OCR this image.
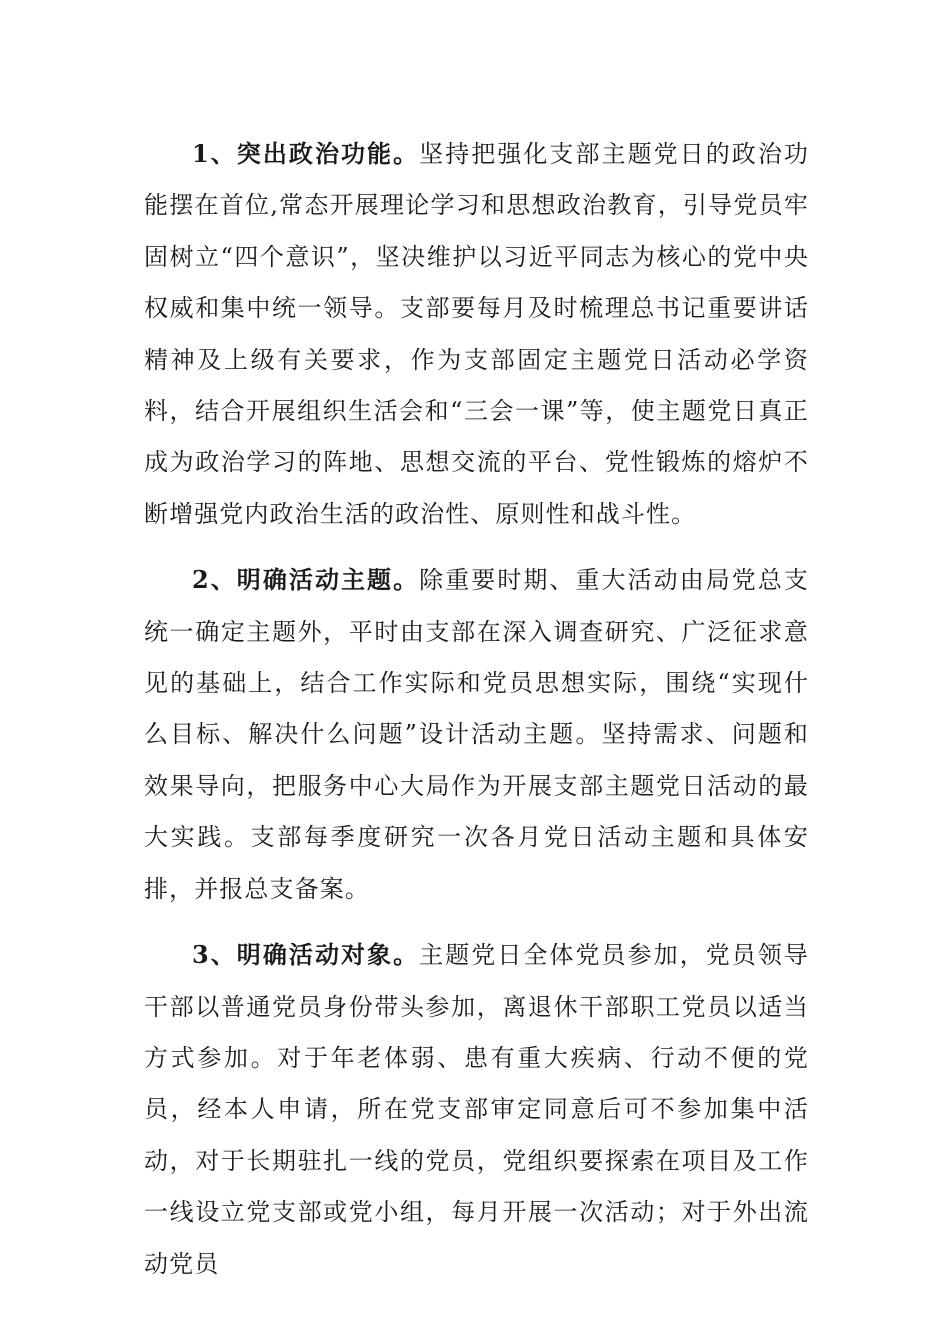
1、突出政治功能。坚持把强化支部主题党日的政治功能摆在首位,常态开展理论学习和思想政治教育，引导党员牢固树立“四个意识”，坚决维护以习近平同志为核心的党中央权威和集中统一领导。支部要每月及时梳理总书记重要讲话精神及上级有关要求，作为支部固定主题党日活动必学资料，结合开展组织生活会和“三会一课”等，使主题党日真正成为政治学习的阵地、思想交流的平台、党性锻炼的熔炉不断增强党内政治生活的政治性、原则性和战斗性。

2、明确活动主题。除重要时期、重大活动由局党总支统一确定主题外，平时由支部在深入调查研究、广泛征求意见的基础上，结合工作实际和党员思想实际，围绕“实现什么目标、解决什么问题”设计活动主题。坚持需求、问题和效果导向，把服务中心大局作为开展支部主题党日活动的最大实践。支部每季度研究一次各月党日活动主题和具体安排，并报总支备案。

3、明确活动对象。主题党日全体党员参加，党员领导干部以普通党员身份带头参加，离退休干部职工党员以适当方式参加。对于年老体弱、患有重大疾病、行动不便的党员，经本人申请，所在党支部审定同意后可不参加集中活动，对于长期驻扎一线的党员，党组织要探索在项目及工作一线设立党支部或党小组，每月开展一次活动；对于外出流动党员
